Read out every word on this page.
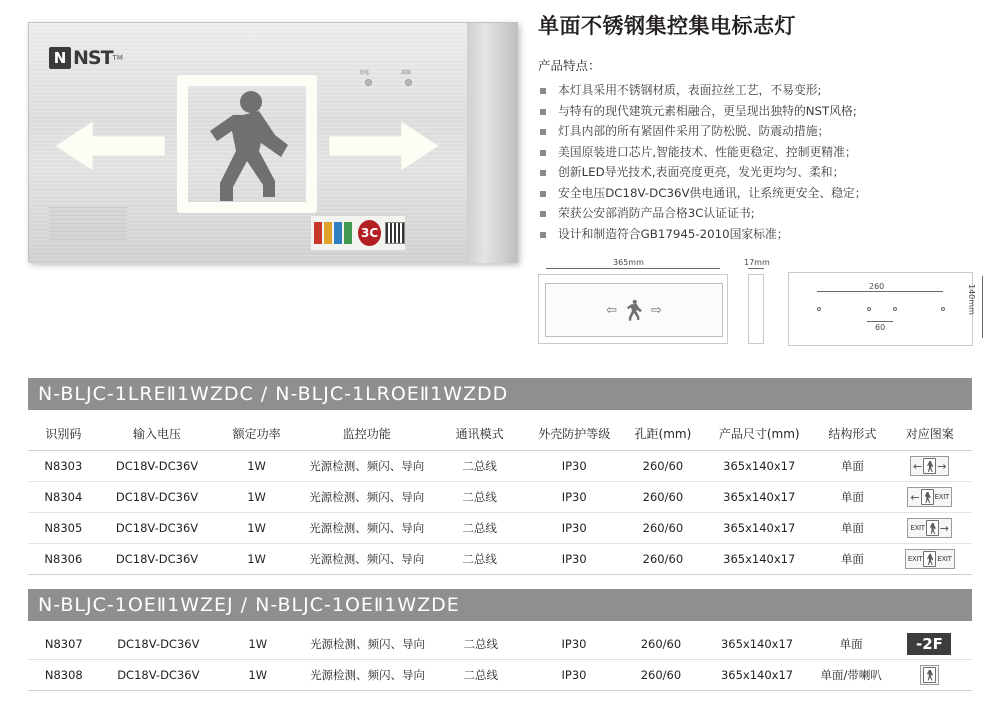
N NST TM
充电	故障
3C
单面不锈钢集控集电标志灯
产品特点：
本灯具采用不锈钢材质，表面拉丝工艺，不易变形;
与特有的现代建筑元素相融合，更呈现出独特的NST风格;
灯具内部的所有紧固件采用了防松脱、防震动措施；
美国原装进口芯片,智能技术、性能更稳定、控制更精准；
创新LED导光技术,表面亮度更亮，发光更均匀、柔和；
安全电压DC18V-DC36V供电通讯，让系统更安全、稳定；
荣获公安部消防产品合格3C认证证书;
设计和制造符合GB17945-2010国家标准；
⇦	⇨
365mm	17mm
260
60
140mm
N-BLJC-1LREⅡ1WZDC / N-BLJC-1LROEⅡ1WZDD
识别码	输入电压	额定功率	监控功能	通讯模式	外壳防护等级	孔距(mm)	产品尺寸(mm)	结构形式	对应图案
N8303	DC18V-DC36V	1W	光源检测、频闪、导向	二总线	IP30	260/60	365x140x17	单面	← →

N8304	DC18V-DC36V	1W	光源检测、频闪、导向	二总线	IP30	260/60	365x140x17	单面	← EXIT

N8305	DC18V-DC36V	1W	光源检测、频闪、导向	二总线	IP30	260/60	365x140x17	单面	EXIT →

N8306	DC18V-DC36V	1W	光源检测、频闪、导向	二总线	IP30	260/60	365x140x17	单面	EXIT EXIT
N-BLJC-1OEⅡ1WZEJ / N-BLJC-1OEⅡ1WZDE
N8307	DC18V-DC36V	1W	光源检测、频闪、导向	二总线	IP30	260/60	365x140x17	单面	-2F
N8308	DC18V-DC36V	1W	光源检测、频闪、导向	二总线	IP30	260/60	365x140x17	单面/带喇叭	
